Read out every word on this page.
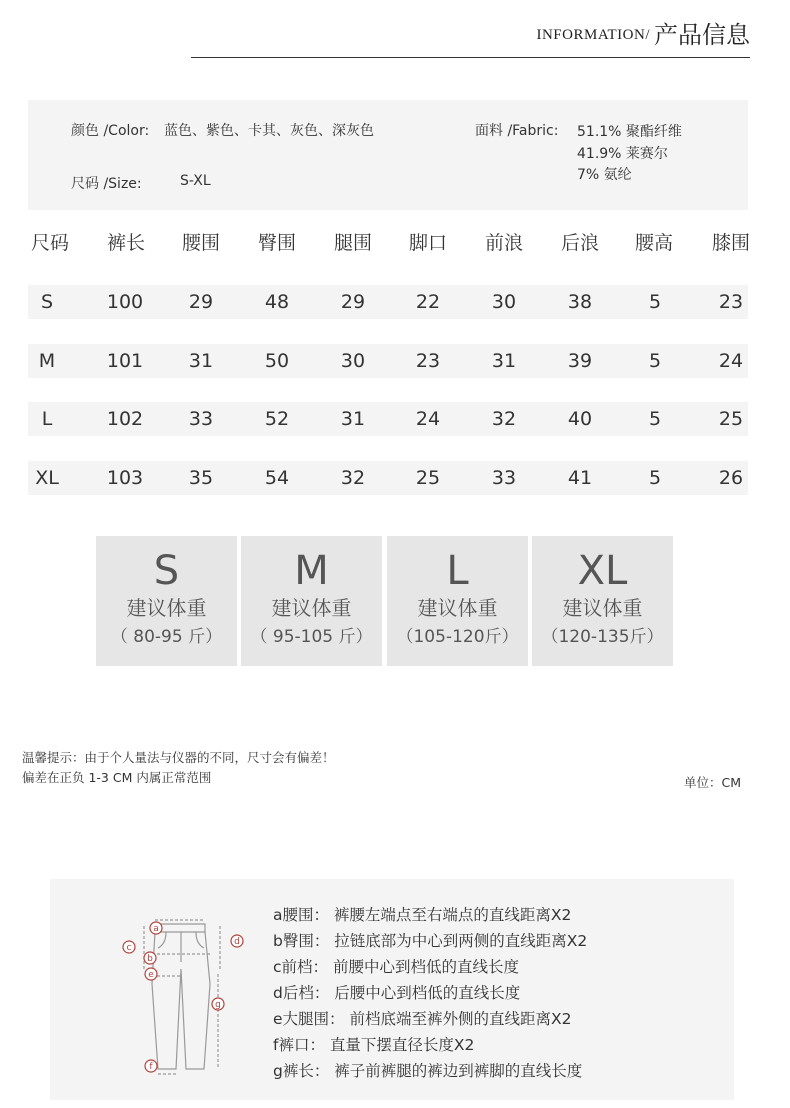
INFORMATION/ 产品信息
颜色 /Color: 蓝色、紫色、卡其、灰色、深灰色
尺码 /Size:	S-XL
面料 /Fabric: 51.1% 聚酯纤维
41.9% 莱赛尔
7% 氨纶
尺码 裤长 腰围 臀围 腿围 脚口 前浪 后浪 腰高 膝围
S	100 29	48	29	22	30	38	5	23
M	101 31	50	30	23	31	39	5	24
L	102 33	52	31	24	32	40	5	25
XL	103 35	54	32	25	33	41	5	26
S
建议体重
（ 80-95 斤）
M
建议体重
（ 95-105 斤）
L
建议体重
（105-120斤）
XL
建议体重
（120-135斤）
温馨提示：由于个人量法与仪器的不同，尺寸会有偏差！
偏差在正负 1-3 CM 内属正常范围	单位：CM
a
b
c
d
e
f
g
a腰围： 裤腰左端点至右端点的直线距离X2
b臀围： 拉链底部为中心到两侧的直线距离X2
c前档： 前腰中心到档低的直线长度
d后档： 后腰中心到档低的直线长度
e大腿围： 前档底端至裤外侧的直线距离X2
f裤口： 直量下摆直径长度X2
g裤长： 裤子前裤腿的裤边到裤脚的直线长度
